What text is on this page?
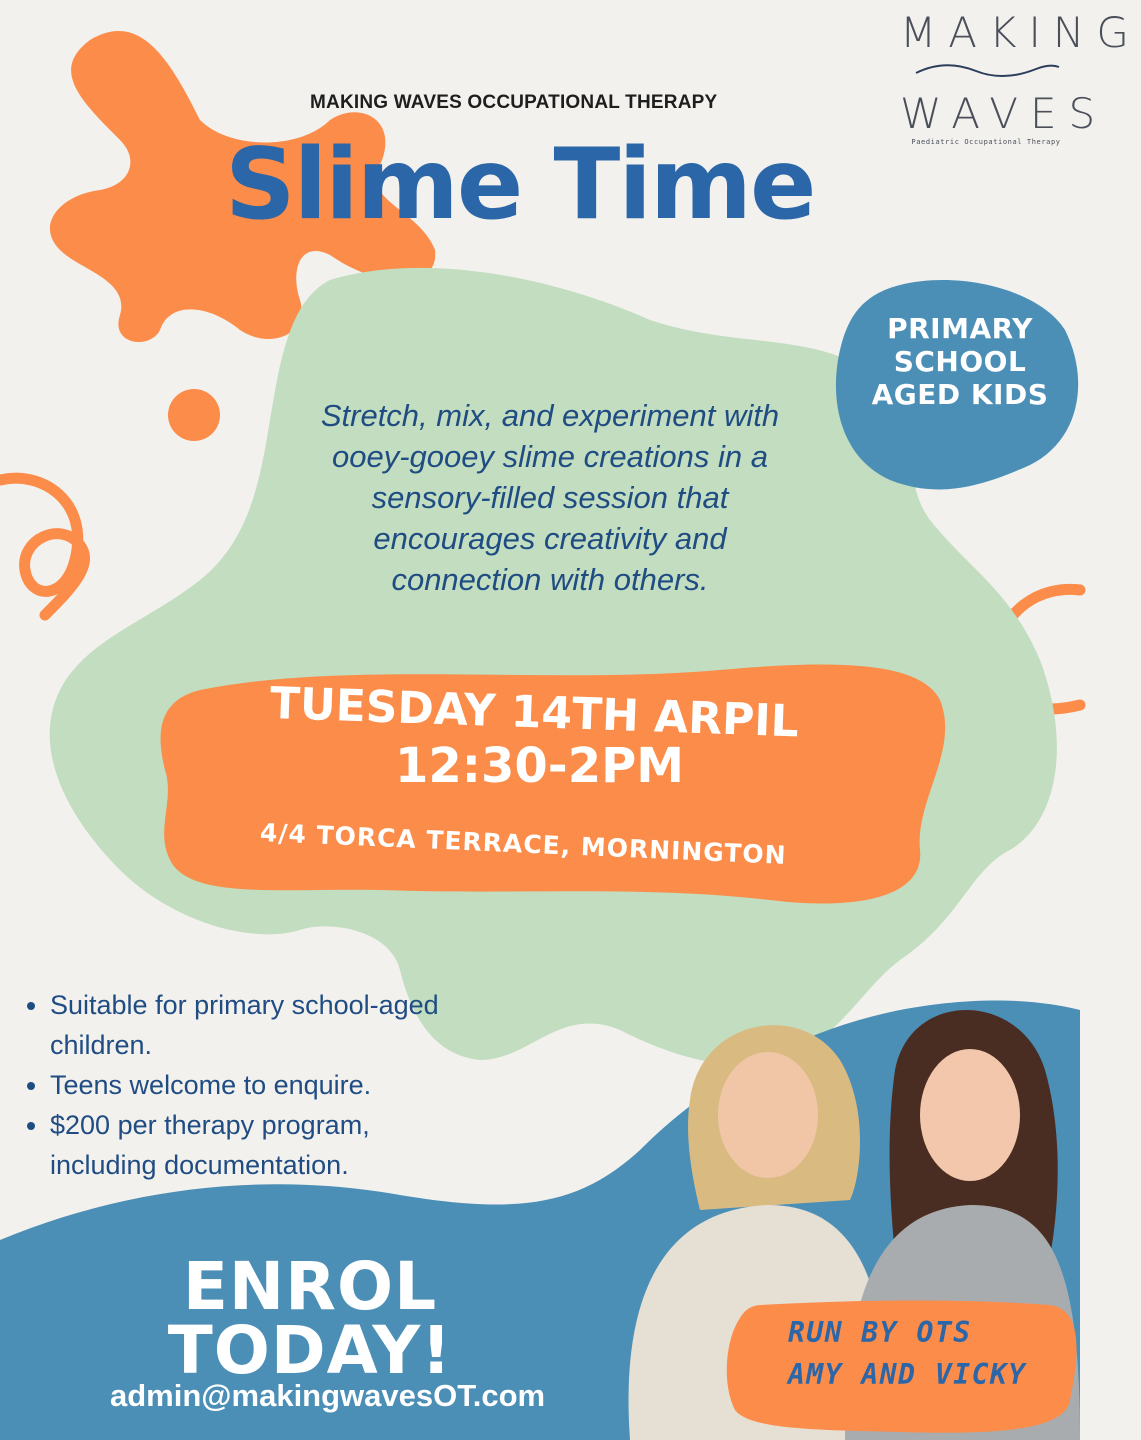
MAKING WAVES OCCUPATIONAL THERAPY
Slime Time
MAKING
WAVES
Paediatric Occupational Therapy
PRIMARY
SCHOOL
AGED KIDS
Stretch, mix, and experiment with
ooey-gooey slime creations in a
sensory-filled session that
encourages creativity and
connection with others.
TUESDAY 14TH ARPIL
12:30-2PM
4/4 TORCA TERRACE, MORNINGTON
• Suitable for primary school-aged children.
• Teens welcome to enquire.
• $200 per therapy program, including documentation.
ENROL
TODAY!
admin@makingwavesOT.com
RUN BY OTS
AMY AND VICKY
